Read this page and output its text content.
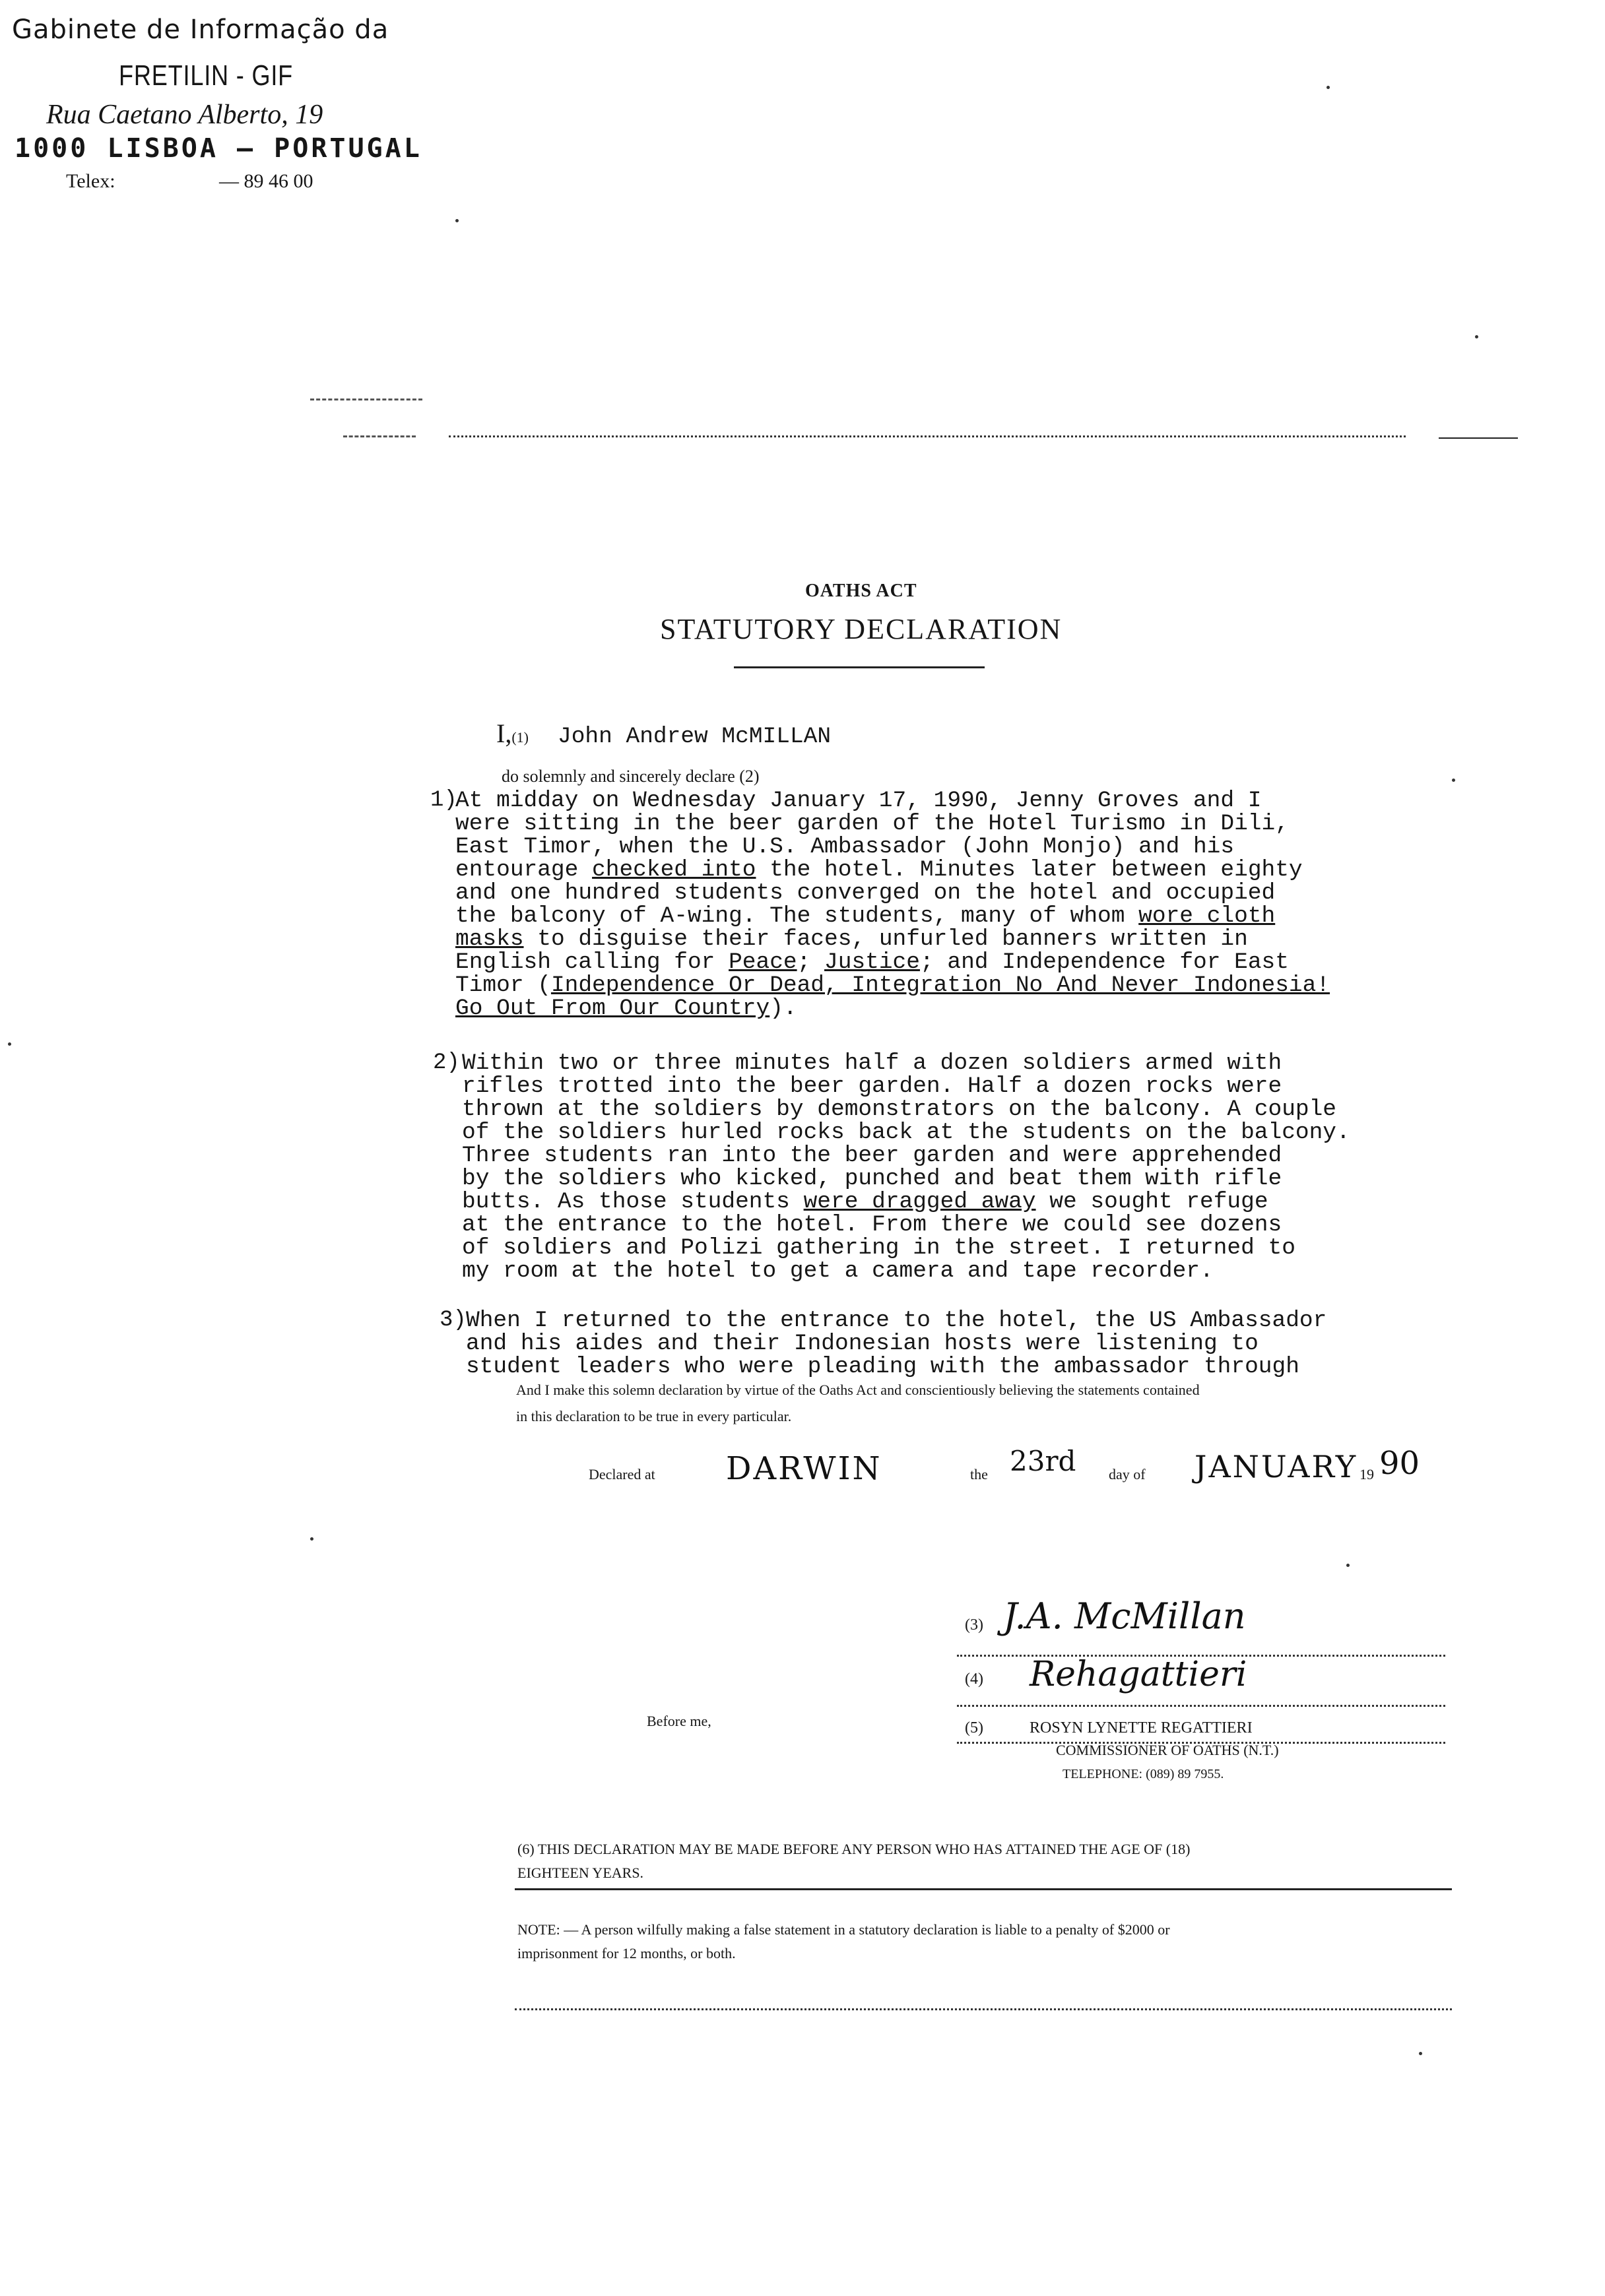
Gabinete de Informação da
FRETILIN - GIF
Rua Caetano Alberto, 19
1000 LISBOA — PORTUGAL
Telex:	— 89 46 00
OATHS ACT
STATUTORY DECLARATION
I,(1) John Andrew McMILLAN
do solemnly and sincerely declare (2)
1)
At midday on Wednesday January 17, 1990, Jenny Groves and I
were sitting in the beer garden of the Hotel Turismo in Dili,
East Timor, when the U.S. Ambassador (John Monjo) and his
entourage checked into the hotel. Minutes later between eighty
and one hundred students converged on the hotel and occupied
the balcony of A-wing. The students, many of whom wore cloth
masks to disguise their faces, unfurled banners written in
English calling for Peace; Justice; and Independence for East
Timor (Independence Or Dead, Integration No And Never Indonesia!
Go Out From Our Country).
2) Within two or three minutes half a dozen soldiers armed with
rifles trotted into the beer garden. Half a dozen rocks were
thrown at the soldiers by demonstrators on the balcony. A couple
of the soldiers hurled rocks back at the students on the balcony.
Three students ran into the beer garden and were apprehended
by the soldiers who kicked, punched and beat them with rifle
butts. As those students were dragged away we sought refuge
at the entrance to the hotel. From there we could see dozens
of soldiers and Polizi gathering in the street. I returned to
my room at the hotel to get a camera and tape recorder.
3) When I returned to the entrance to the hotel, the US Ambassador
and his aides and their Indonesian hosts were listening to
student leaders who were pleading with the ambassador through
And I make this solemn declaration by virtue of the Oaths Act and conscientiously believing the statements contained
in this declaration to be true in every particular.
Declared at DARWIN	the 23rd day of JANUARY 19 90
(3) J.A. McMillan
(4) Rehagattieri
Before me,	(5)	ROSYN LYNETTE REGATTIERI
COMMISSIONER OF OATHS (N.T.)
TELEPHONE: (089) 89 7955.
(6) THIS DECLARATION MAY BE MADE BEFORE ANY PERSON WHO HAS ATTAINED THE AGE OF (18)
EIGHTEEN YEARS.
NOTE: — A person wilfully making a false statement in a statutory declaration is liable to a penalty of $2000 or
imprisonment for 12 months, or both.
